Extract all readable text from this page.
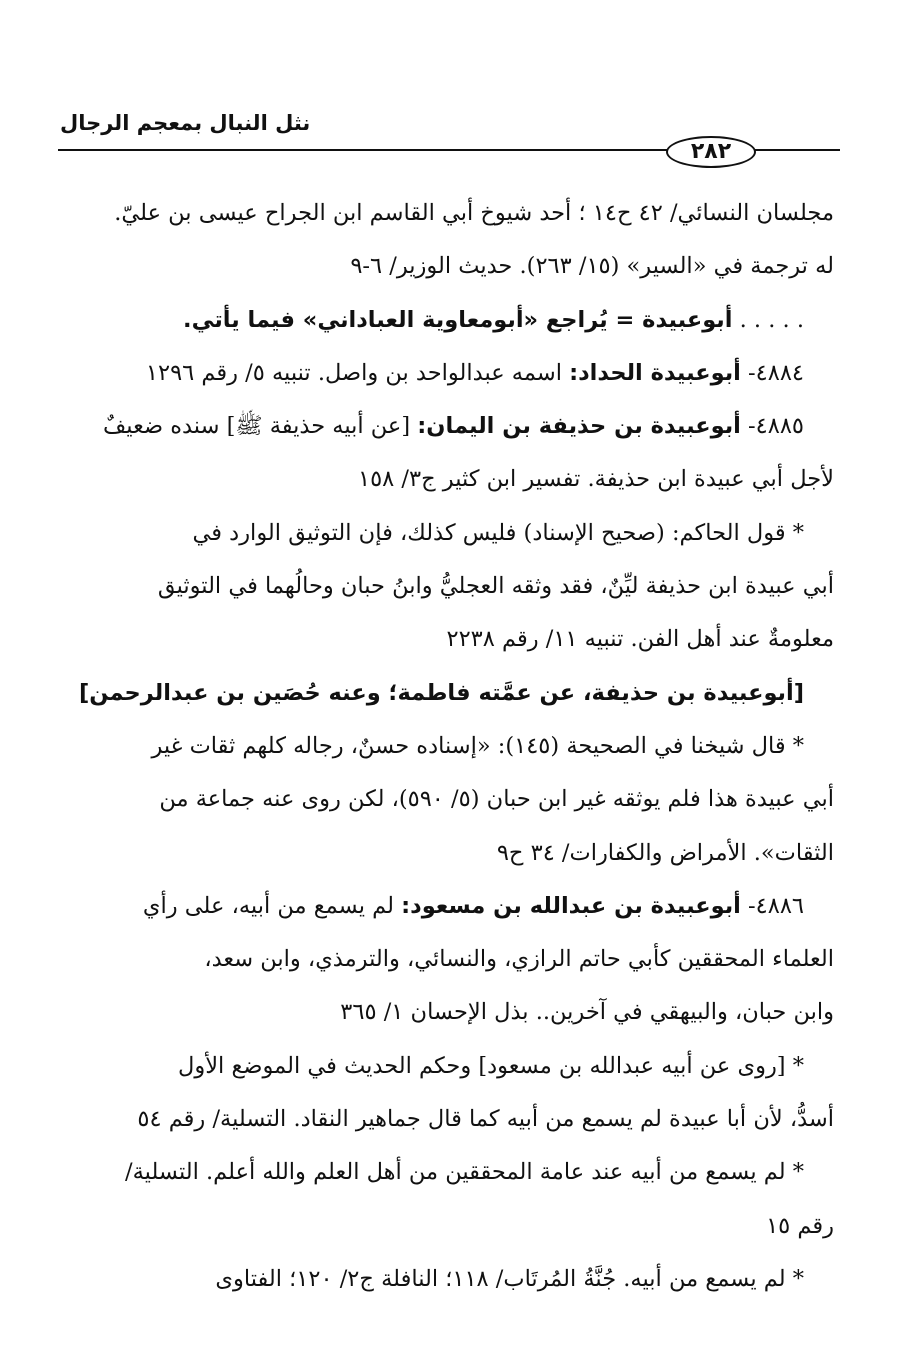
نثل النبال بمعجم الرجال
٢٨٢
مجلسان النسائي/ ٤٢ ح١٤ ؛ أحد شيوخ أبي القاسم ابن الجراح عيسى بن عليّ.
له ترجمة في «السير» (١٥/ ٢٦٣). حديث الوزير/ ٦-٩
. . . . . أبوعبيدة = يُراجع «أبومعاوية العباداني» فيما يأتي.
٤٨٨٤- أبوعبيدة الحداد: اسمه عبدالواحد بن واصل. تنبيه ٥/ رقم ١٢٩٦
٤٨٨٥- أبوعبيدة بن حذيفة بن اليمان: [عن أبيه حذيفة ﷺ] سنده ضعيفٌ
لأجل أبي عبيدة ابن حذيفة. تفسير ابن كثير ج٣/ ١٥٨
* قول الحاكم: (صحيح الإسناد) فليس كذلك، فإن التوثيق الوارد في
أبي عبيدة ابن حذيفة ليِّنٌ، فقد وثقه العجليُّ وابنُ حبان وحالُهما في التوثيق
معلومةٌ عند أهل الفن. تنبيه ١١/ رقم ٢٢٣٨
[أبوعبيدة بن حذيفة، عن عمَّته فاطمة؛ وعنه حُصَين بن عبدالرحمن]
* قال شيخنا في الصحيحة (١٤٥): «إسناده حسنٌ، رجاله كلهم ثقات غير
أبي عبيدة هذا فلم يوثقه غير ابن حبان (٥/ ٥٩٠)، لكن روى عنه جماعة من
الثقات». الأمراض والكفارات/ ٣٤ ح٩
٤٨٨٦- أبوعبيدة بن عبدالله بن مسعود: لم يسمع من أبيه، على رأي
العلماء المحققين كأبي حاتم الرازي، والنسائي، والترمذي، وابن سعد،
وابن حبان، والبيهقي في آخرين.. بذل الإحسان ١/ ٣٦٥
* [روى عن أبيه عبدالله بن مسعود] وحكم الحديث في الموضع الأول
أسدُّ، لأن أبا عبيدة لم يسمع من أبيه كما قال جماهير النقاد. التسلية/ رقم ٥٤
* لم يسمع من أبيه عند عامة المحققين من أهل العلم والله أعلم. التسلية/
رقم ١٥
* لم يسمع من أبيه. جُنَّةُ المُرتَاب/ ١١٨؛ النافلة ج٢/ ١٢٠؛ الفتاوى
